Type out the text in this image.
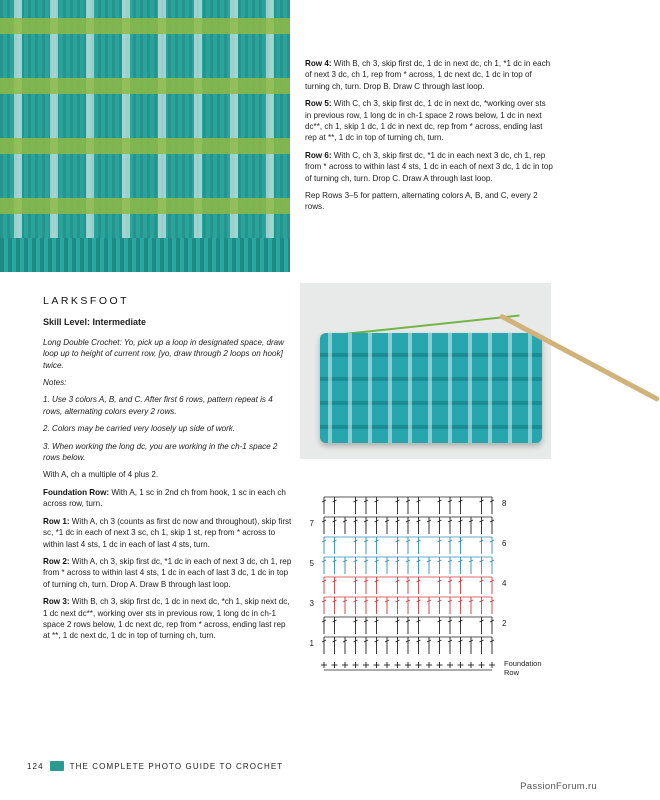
Row 4: With B, ch 3, skip first dc, 1 dc in next dc, ch 1, *1 dc in each of next 3 dc, ch 1, rep from * across, 1 dc next dc, 1 dc in top of turning ch, turn. Drop B. Draw C through last loop.

Row 5: With C, ch 3, skip first dc, 1 dc in next dc, *working over sts in previous row, 1 long dc in ch-1 space 2 rows below, 1 dc in next dc**, ch 1, skip 1 dc, 1 dc in next dc, rep from * across, ending last rep at **, 1 dc in top of turning ch, turn.

Row 6: With C, ch 3, skip first dc, *1 dc in each next 3 dc, ch 1, rep from * across to within last 4 sts, 1 dc in each of next 3 dc, 1 dc in top of turning ch, turn. Drop C. Draw A through last loop.

Rep Rows 3–5 for pattern, alternating colors A, B, and C, every 2 rows.

LARKSFOOT
Skill Level: Intermediate

Long Double Crochet: Yo, pick up a loop in designated space, draw loop up to height of current row, [yo, draw through 2 loops on hook] twice.

Notes:

1. Use 3 colors A, B, and C. After first 6 rows, pattern repeat is 4 rows, alternating colors every 2 rows.

2. Colors may be carried very loosely up side of work.

3. When working the long dc, you are working in the ch-1 space 2 rows below.

With A, ch a multiple of 4 plus 2.

Foundation Row: With A, 1 sc in 2nd ch from hook, 1 sc in each ch across row, turn.

Row 1: With A, ch 3 (counts as first dc now and throughout), skip first sc, *1 dc in each of next 3 sc, ch 1, skip 1 st, rep from * across to within last 4 sts, 1 dc in each of last 4 sts, turn.

Row 2: With A, ch 3, skip first dc, *1 dc in each of next 3 dc, ch 1, rep from * across to within last 4 sts, 1 dc in each of last 3 dc, 1 dc in top of turning ch, turn. Drop A. Draw B through last loop.

Row 3: With B, ch 3, skip first dc, 1 dc in next dc, *ch 1, skip next dc, 1 dc next dc**, working over sts in previous row, 1 long dc in ch-1 space 2 rows below, 1 dc next dc, rep from * across, ending last rep at **, 1 dc next dc, 1 dc in top of turning ch, turn.

8
7
6
5
4
3
2
1
Foundation
Row
124	THE COMPLETE PHOTO GUIDE TO CROCHET
PassionForum.ru
